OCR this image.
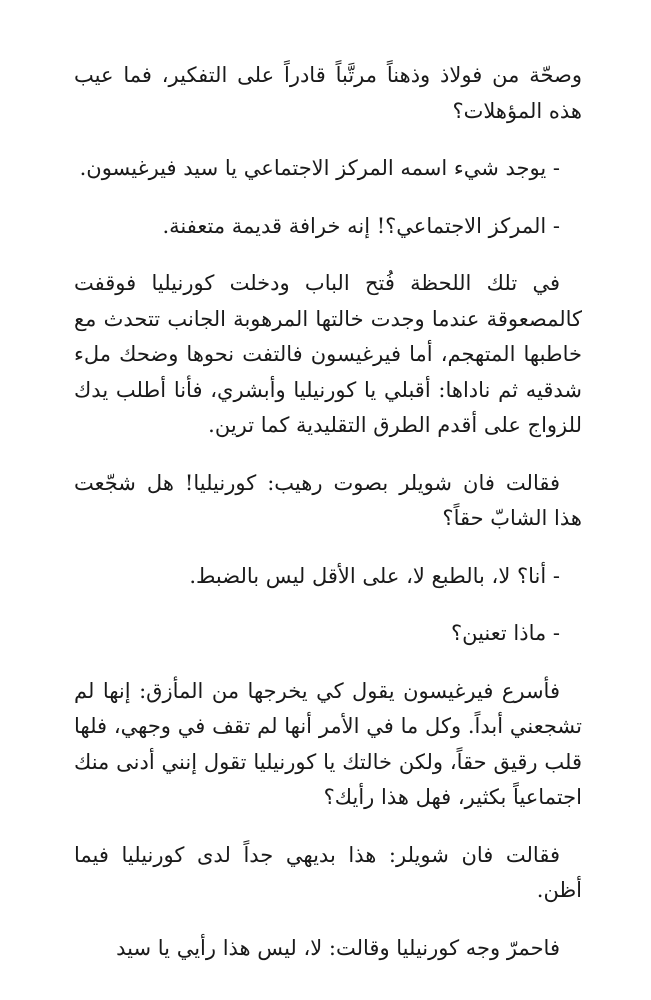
وصحّة من فولاذ وذهناً مرتَّباً قادراً على التفكير، فما عيب هذه المؤهلات؟

- يوجد شيء اسمه المركز الاجتماعي يا سيد فيرغيسون.

- المركز الاجتماعي؟! إنه خرافة قديمة متعفنة.

في تلك اللحظة فُتح الباب ودخلت كورنيليا فوقفت كالمصعوقة عندما وجدت خالتها المرهوبة الجانب تتحدث مع خاطبها المتهجم، أما فيرغيسون فالتفت نحوها وضحك ملء شدقيه ثم ناداها: أقبلي يا كورنيليا وأبشري، فأنا أطلب يدك للزواج على أقدم الطرق التقليدية كما ترين.

فقالت فان شويلر بصوت رهيب: كورنيليا! هل شجّعت هذا الشابّ حقاً؟

- أنا؟ لا، بالطبع لا، على الأقل ليس بالضبط.

- ماذا تعنين؟

فأسرع فيرغيسون يقول كي يخرجها من المأزق: إنها لم تشجعني أبداً. وكل ما في الأمر أنها لم تقف في وجهي، فلها قلب رقيق حقاً، ولكن خالتك يا كورنيليا تقول إنني أدنى منك اجتماعياً بكثير، فهل هذا رأيك؟

فقالت فان شويلر: هذا بديهي جداً لدى كورنيليا فيما أظن.

فاحمرّ وجه كورنيليا وقالت: لا، ليس هذا رأيي يا سيد
